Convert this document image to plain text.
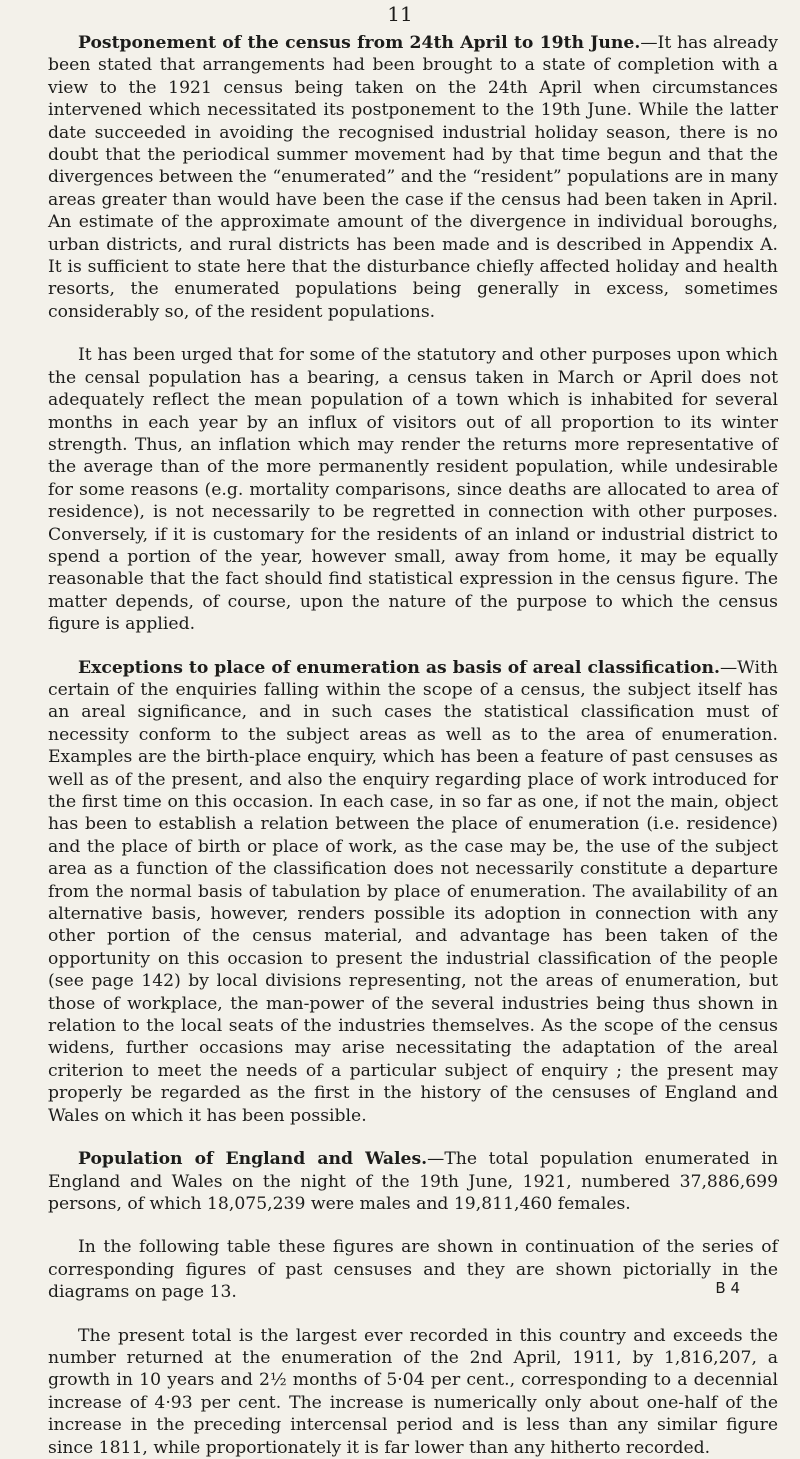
11

Postponement of the census from 24th April to 19th June.—It has already been stated that arrangements had been brought to a state of completion with a view to the 1921 census being taken on the 24th April when circumstances intervened which necessitated its postponement to the 19th June. While the latter date succeeded in avoiding the recognised industrial holiday season, there is no doubt that the periodical summer movement had by that time begun and that the divergences between the “enumerated” and the “resident” populations are in many areas greater than would have been the case if the census had been taken in April. An estimate of the approximate amount of the divergence in individual boroughs, urban districts, and rural districts has been made and is described in Appendix A. It is sufficient to state here that the disturbance chiefly affected holiday and health resorts, the enumerated populations being generally in excess, sometimes considerably so, of the resident populations.

It has been urged that for some of the statutory and other purposes upon which the censal population has a bearing, a census taken in March or April does not adequately reflect the mean population of a town which is inhabited for several months in each year by an influx of visitors out of all proportion to its winter strength. Thus, an inflation which may render the returns more representative of the average than of the more permanently resident population, while undesirable for some reasons (e.g. mortality comparisons, since deaths are allocated to area of residence), is not necessarily to be regretted in connection with other purposes. Conversely, if it is customary for the residents of an inland or industrial district to spend a portion of the year, however small, away from home, it may be equally reasonable that the fact should find statistical expression in the census figure. The matter depends, of course, upon the nature of the purpose to which the census figure is applied.

Exceptions to place of enumeration as basis of areal classification.—With certain of the enquiries falling within the scope of a census, the subject itself has an areal significance, and in such cases the statistical classification must of necessity conform to the subject areas as well as to the area of enumeration. Examples are the birth-place enquiry, which has been a feature of past censuses as well as of the present, and also the enquiry regarding place of work introduced for the first time on this occasion. In each case, in so far as one, if not the main, object has been to establish a relation between the place of enumeration (i.e. residence) and the place of birth or place of work, as the case may be, the use of the subject area as a function of the classification does not necessarily constitute a departure from the normal basis of tabulation by place of enumeration. The availability of an alternative basis, however, renders possible its adoption in connection with any other portion of the census material, and advantage has been taken of the opportunity on this occasion to present the industrial classification of the people (see page 142) by local divisions representing, not the areas of enumeration, but those of workplace, the man-power of the several industries being thus shown in relation to the local seats of the industries themselves. As the scope of the census widens, further occasions may arise necessitating the adaptation of the areal criterion to meet the needs of a particular subject of enquiry ; the present may properly be regarded as the first in the history of the censuses of England and Wales on which it has been possible.

Population of England and Wales.—The total population enumerated in England and Wales on the night of the 19th June, 1921, numbered 37,886,699 persons, of which 18,075,239 were males and 19,811,460 females.

In the following table these figures are shown in continuation of the series of corresponding figures of past censuses and they are shown pictorially in the diagrams on page 13.

The present total is the largest ever recorded in this country and exceeds the number returned at the enumeration of the 2nd April, 1911, by 1,816,207, a growth in 10 years and 2½ months of 5·04 per cent., corresponding to a decennial increase of 4·93 per cent. The increase is numerically only about one-half of the increase in the preceding intercensal period and is less than any similar figure since 1811, while proportionately it is far lower than any hitherto recorded.

B 4
